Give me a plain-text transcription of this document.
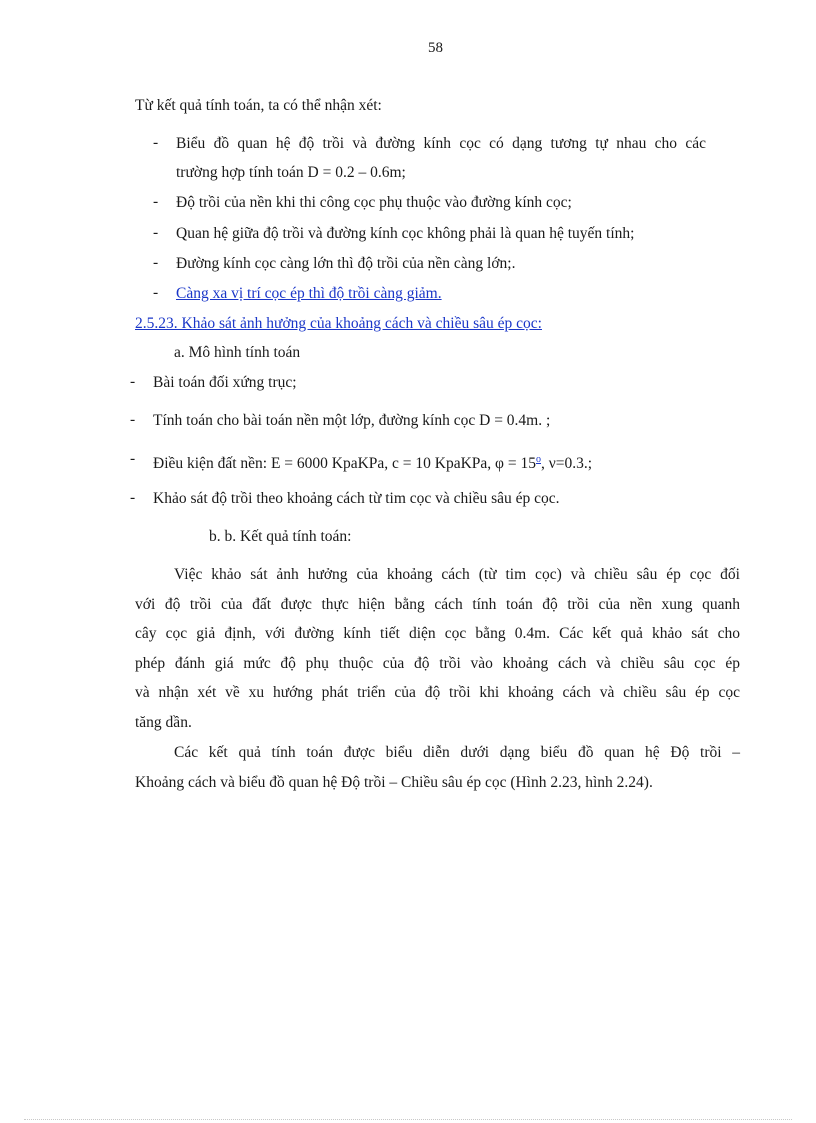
58
Từ kết quả tính toán, ta có thể nhận xét:
- Biểu đồ quan hệ độ trồi và đường kính cọc có dạng tương tự nhau cho các
trường hợp tính toán D = 0.2 – 0.6m;
- Độ trồi của nền khi thi công cọc phụ thuộc vào đường kính cọc;
- Quan hệ giữa độ trồi và đường kính cọc không phải là quan hệ tuyến tính;
- Đường kính cọc càng lớn thì độ trồi của nền càng lớn;.
- Càng xa vị trí cọc ép thì độ trồi càng giảm.
2.5.23. Khảo sát ảnh hưởng của khoảng cách và chiều sâu ép cọc:
a. Mô hình tính toán
- Bài toán đối xứng trục;
- Tính toán cho bài toán nền một lớp, đường kính cọc D = 0.4m. ;
- Điều kiện đất nền: E = 6000 KpaKPa, c = 10 KpaKPa, $\varphi = 15^o$, ν=0.3.;
- Khảo sát độ trồi theo khoảng cách từ tim cọc và chiều sâu ép cọc.
b. b. Kết quả tính toán:
Việc khảo sát ảnh hưởng của khoảng cách (từ tim cọc) và chiều sâu ép cọc đối
với độ trồi của đất được thực hiện bằng cách tính toán độ trồi của nền xung quanh
cây cọc giả định, với đường kính tiết diện cọc bằng 0.4m. Các kết quả khảo sát cho
phép đánh giá mức độ phụ thuộc của độ trồi vào khoảng cách và chiều sâu cọc ép
và nhận xét về xu hướng phát triển của độ trồi khi khoảng cách và chiều sâu ép cọc
tăng dần.
Các kết quả tính toán được biểu diễn dưới dạng biểu đồ quan hệ Độ trồi –
Khoảng cách và biểu đồ quan hệ Độ trồi – Chiều sâu ép cọc (Hình 2.23, hình 2.24).
